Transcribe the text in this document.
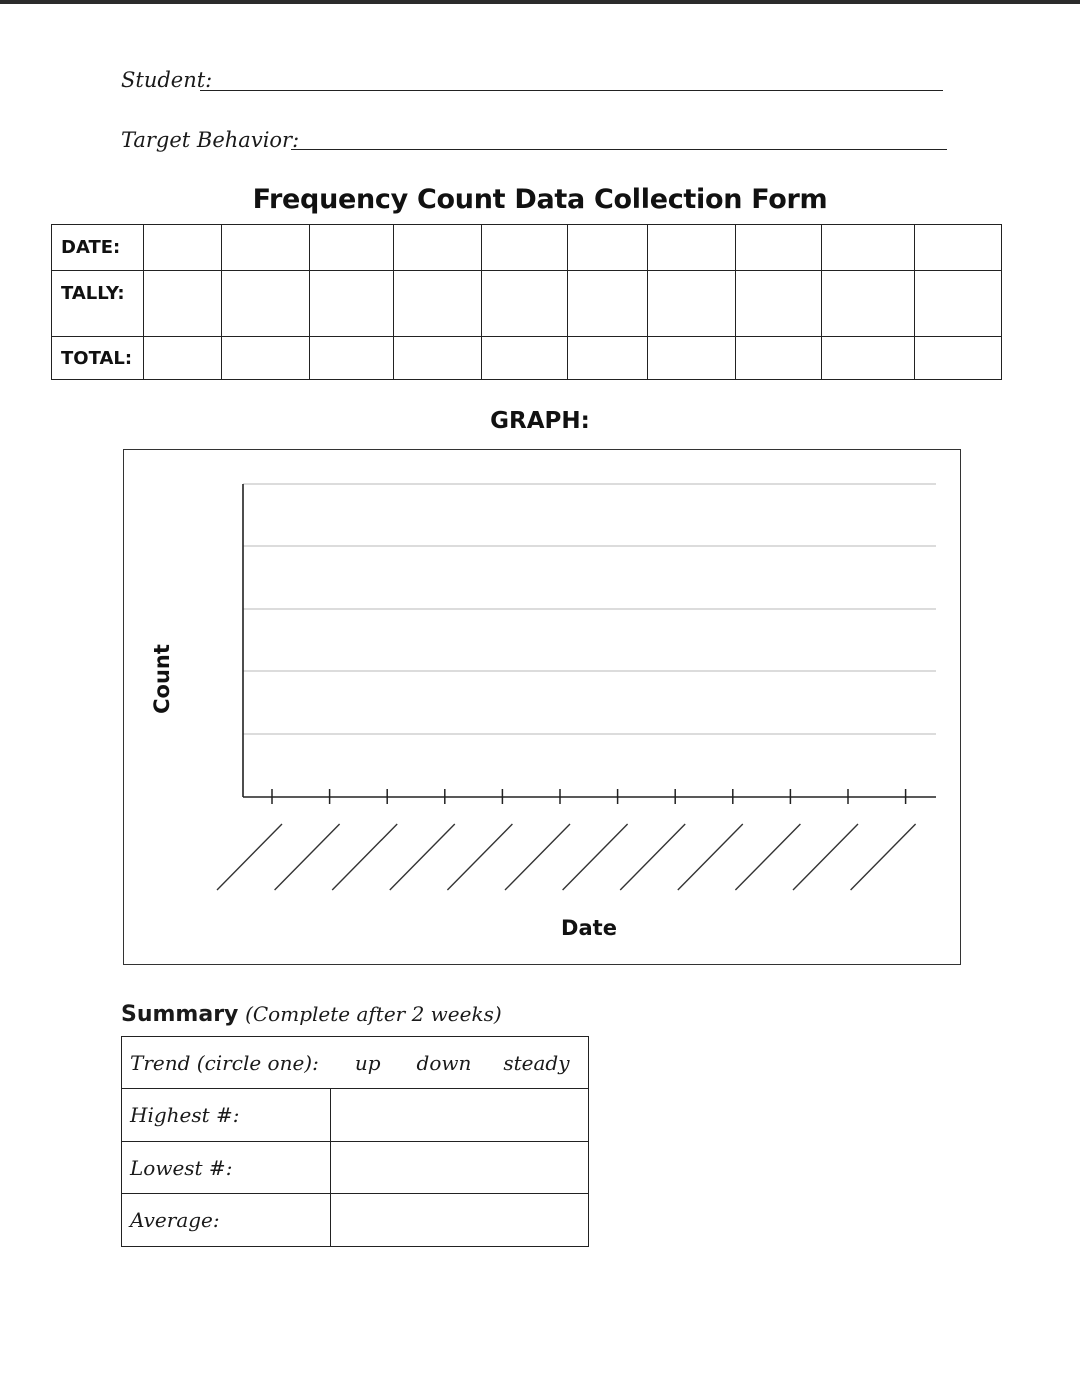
Student:
Target Behavior:
Frequency Count Data Collection Form
DATE:										
TALLY:										
TOTAL:										
GRAPH:
Count
Date
Summary (Complete after 2 weeks)
Trend (circle one): up down steady	
Highest #:	
Lowest #:	
Average:	
